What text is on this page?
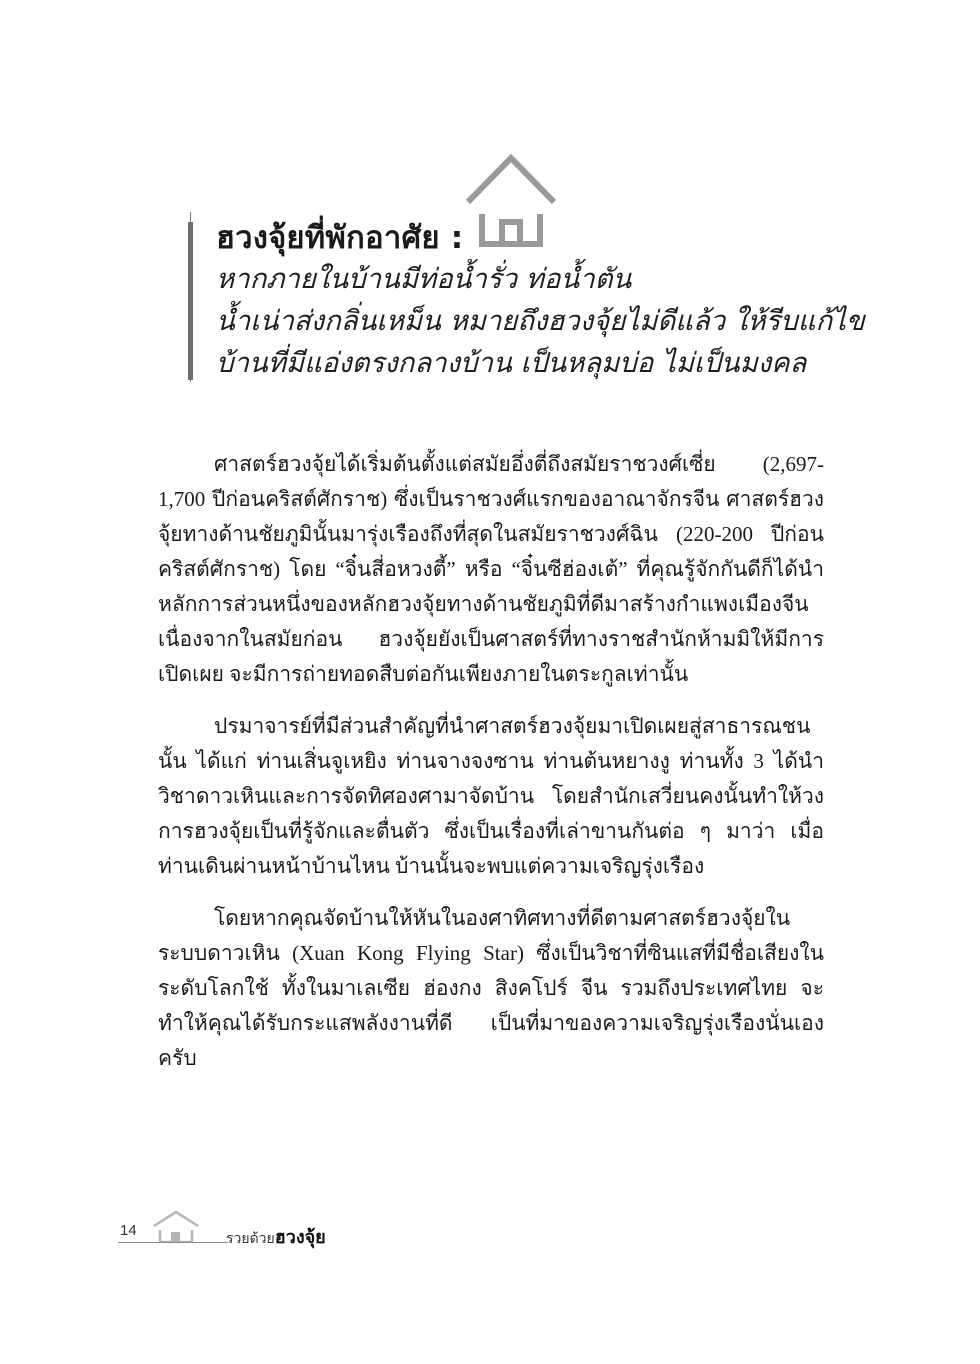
ฮวงจุ้ยที่พักอาศัย :
หากภายในบ้านมีท่อน้ำรั่ว ท่อน้ำตัน
น้ำเน่าส่งกลิ่นเหม็น หมายถึงฮวงจุ้ยไม่ดีแล้ว ให้รีบแก้ไข
บ้านที่มีแอ่งตรงกลางบ้าน เป็นหลุมบ่อ ไม่เป็นมงคล

ศาสตร์ฮวงจุ้ยได้เริ่มต้นตั้งแต่สมัยอึ่งตี่ถึงสมัยราชวงศ์เซี่ย (2,697-1,700 ปีก่อนคริสต์ศักราช) ซึ่งเป็นราชวงศ์แรกของอาณาจักรจีน ศาสตร์ฮวงจุ้ยทางด้านชัยภูมินั้นมารุ่งเรืองถึงที่สุดในสมัยราชวงศ์ฉิน (220-200 ปีก่อนคริสต์ศักราช) โดย “จิ๋นสี่อหวงตี้” หรือ “จิ๋นซีฮ่องเต้” ที่คุณรู้จักกันดีก็ได้นำหลักการส่วนหนึ่งของหลักฮวงจุ้ยทางด้านชัยภูมิที่ดีมาสร้างกำแพงเมืองจีน เนื่องจากในสมัยก่อน ฮวงจุ้ยยังเป็นศาสตร์ที่ทางราชสำนักห้ามมิให้มีการเปิดเผย จะมีการถ่ายทอดสืบต่อกันเพียงภายในตระกูลเท่านั้น

ปรมาจารย์ที่มีส่วนสำคัญที่นำศาสตร์ฮวงจุ้ยมาเปิดเผยสู่สาธารณชนนั้น ได้แก่ ท่านเสิ่นจูเหยิง ท่านจางจงซาน ท่านต้นหยางงู ท่านทั้ง 3 ได้นำวิชาดาวเหินและการจัดทิศองศามาจัดบ้าน โดยสำนักเสวี่ยนคงนั้นทำให้วงการฮวงจุ้ยเป็นที่รู้จักและตื่นตัว ซึ่งเป็นเรื่องที่เล่าขานกันต่อ ๆ มาว่า เมื่อท่านเดินผ่านหน้าบ้านไหน บ้านนั้นจะพบแต่ความเจริญรุ่งเรือง

โดยหากคุณจัดบ้านให้หันในองศาทิศทางที่ดีตามศาสตร์ฮวงจุ้ยในระบบดาวเหิน (Xuan Kong Flying Star) ซึ่งเป็นวิชาที่ซินแสที่มีชื่อเสียงในระดับโลกใช้ ทั้งในมาเลเซีย ฮ่องกง สิงคโปร์ จีน รวมถึงประเทศไทย จะทำให้คุณได้รับกระแสพลังงานที่ดี เป็นที่มาของความเจริญรุ่งเรืองนั่นเอง ครับ

14	รวยด้วยฮวงจุ้ย
